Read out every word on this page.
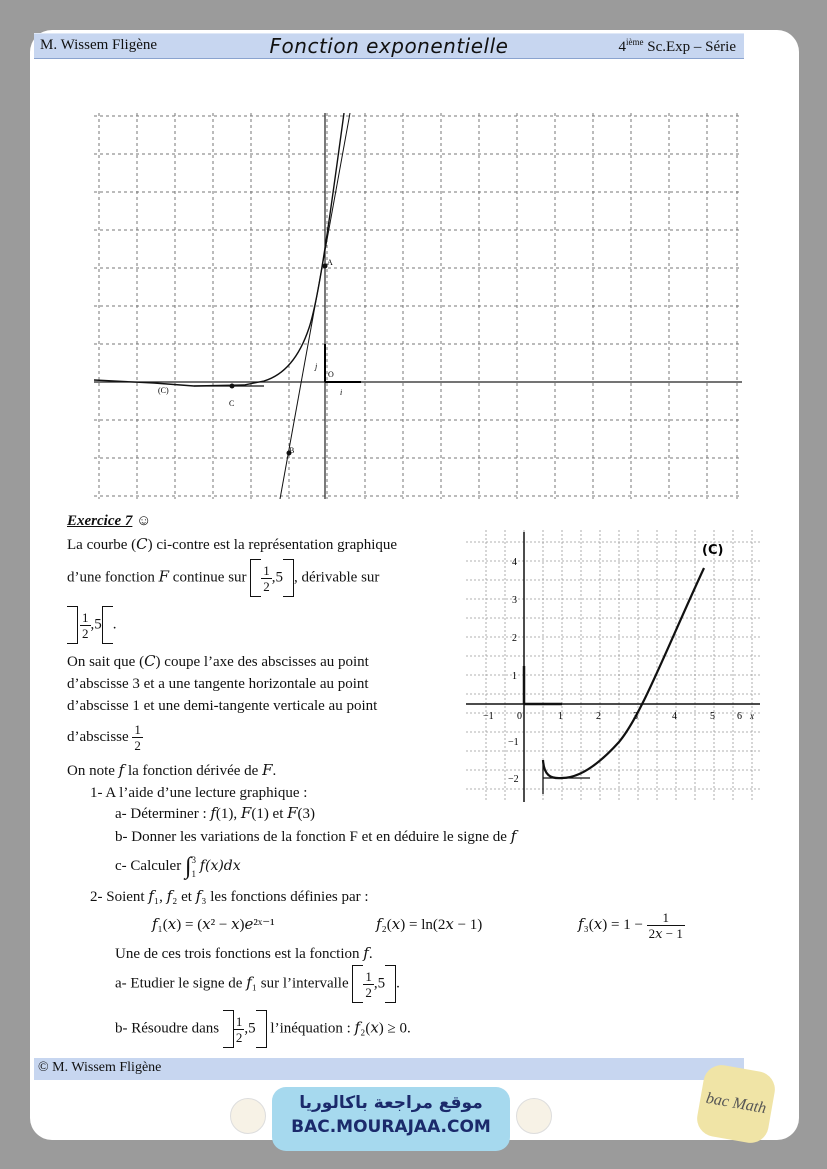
M. Wissem Fligène	Fonction exponentielle	4ième Sc.Exp – Série
(C)
C
A
B
O
i
j
Exercice 7 ☺
La courbe (𝐶) ci-contre est la représentation graphique
d’une fonction 𝐹 continue sur $\frac{1}{2} ,5$ , dérivable sur
$\frac{1}{2} ,5$ .
On sait que (𝐶) coupe l’axe des abscisses au point
d’abscisse 3 et a une tangente horizontale au point
d’abscisse 1 et une demi-tangente verticale au point
d’abscisse $\frac{1}{2}$
On note 𝑓 la fonction dérivée de 𝐹.
1- A l’aide d’une lecture graphique :
a- Déterminer : 𝑓(1), 𝐹(1) et 𝐹(3)
b- Donner les variations de la fonction F et en déduire le signe de 𝑓
c- Calculer ∫ 3
1 f(x)dx
2- Soient 𝑓₁, 𝑓₂ et 𝑓₃ les fonctions définies par :
𝑓₁(𝑥) = (𝑥² − 𝑥)𝑒²ˣ⁻¹	𝑓₂(𝑥) = ln(2𝑥 − 1)	𝑓₃(𝑥) = $1 - \frac{1}{\text{2𝑥 − 1}}$
Une de ces trois fonctions est la fonction 𝑓.
a- Etudier le signe de 𝑓₁ sur l’intervalle $\frac{1}{2} ,5$ .
b- Résoudre dans $\frac{1}{2} ,5$ l’inéquation : 𝑓₂(𝑥) ≥ 0.
(C)
−1 0	1	2	3	4	5 6 x
4
3
2
1
−1
−2
© M. Wissem Fligène
موقع مراجعة باكالوريا
BAC.MOURAJAA.COM
bac Math
